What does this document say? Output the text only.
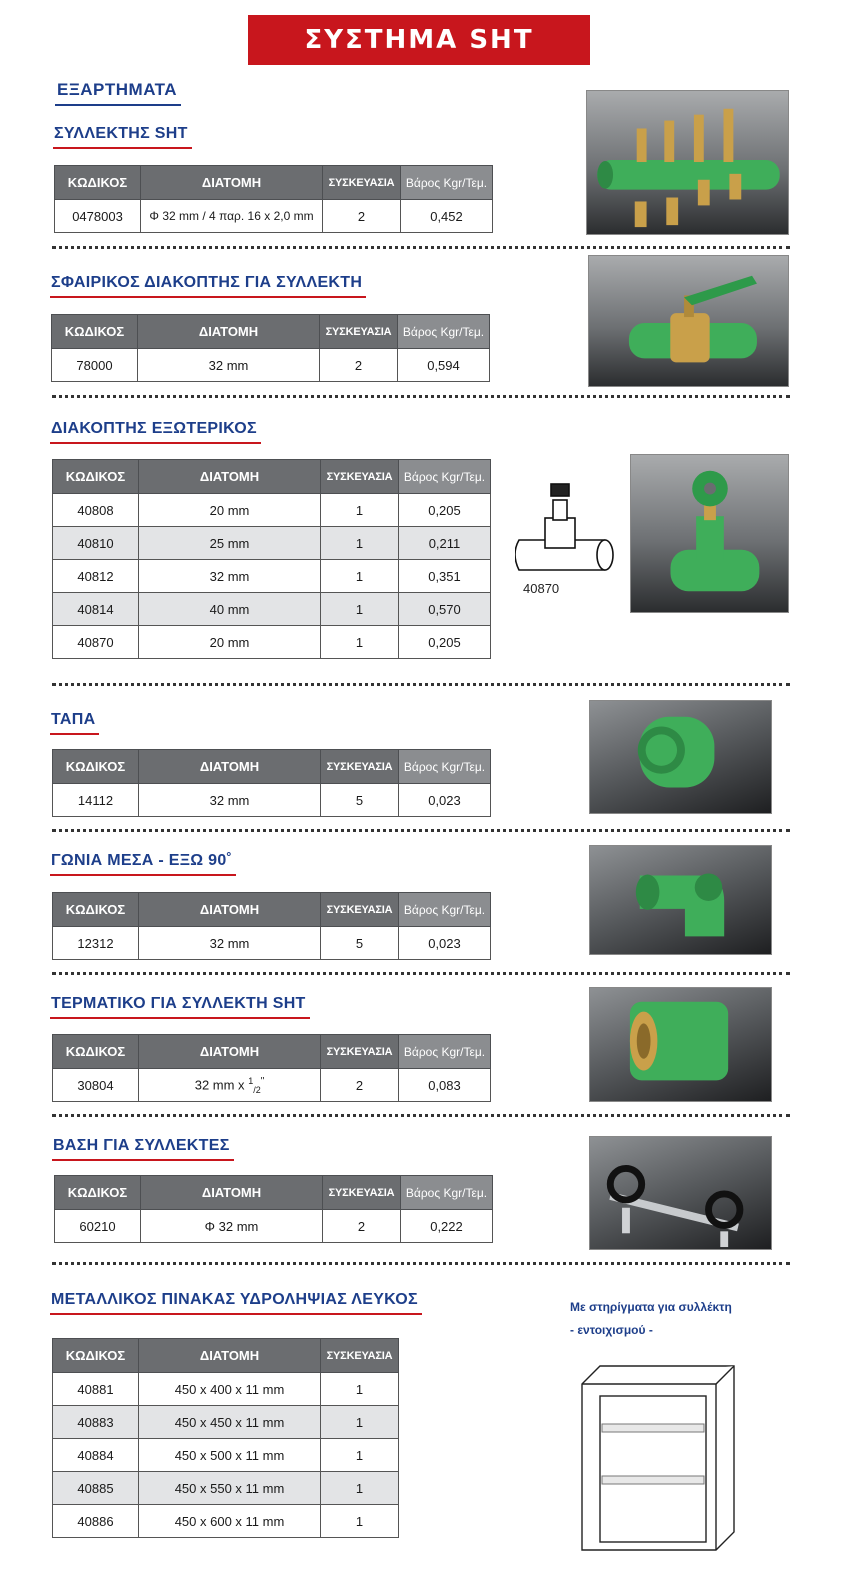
ΣΥΣΤΗΜΑ SHT
ΕΞΑΡΤΗΜΑΤΑ
ΣΥΛΛΕΚΤΗΣ SHT
ΚΩΔΙΚΟΣ	ΔΙΑΤΟΜΗ	ΣΥΣΚΕΥΑΣΙΑ	Βάρος Kgr/Τεμ.
0478003	Φ 32 mm / 4 παρ. 16 x 2,0 mm	2	0,452
ΣΦΑΙΡΙΚΟΣ ΔΙΑΚΟΠΤΗΣ ΓΙΑ ΣΥΛΛΕΚΤΗ
ΚΩΔΙΚΟΣ	ΔΙΑΤΟΜΗ	ΣΥΣΚΕΥΑΣΙΑ	Βάρος Kgr/Τεμ.
78000	32 mm	2	0,594
ΔΙΑΚΟΠΤΗΣ ΕΞΩΤΕΡΙΚΟΣ
ΚΩΔΙΚΟΣ	ΔΙΑΤΟΜΗ	ΣΥΣΚΕΥΑΣΙΑ	Βάρος Kgr/Τεμ.
40808	20 mm	1	0,205
40810	25 mm	1	0,211
40812	32 mm	1	0,351
40814	40 mm	1	0,570
40870	20 mm	1	0,205
40870
ΤΑΠΑ
ΚΩΔΙΚΟΣ	ΔΙΑΤΟΜΗ	ΣΥΣΚΕΥΑΣΙΑ	Βάρος Kgr/Τεμ.
14112	32 mm	5	0,023
ΓΩΝΙΑ ΜΕΣΑ - ΕΞΩ 90˚
ΚΩΔΙΚΟΣ	ΔΙΑΤΟΜΗ	ΣΥΣΚΕΥΑΣΙΑ	Βάρος Kgr/Τεμ.
12312	32 mm	5	0,023
ΤΕΡΜΑΤΙΚΟ ΓΙΑ ΣΥΛΛΕΚΤΗ SHT
ΚΩΔΙΚΟΣ	ΔΙΑΤΟΜΗ	ΣΥΣΚΕΥΑΣΙΑ	Βάρος Kgr/Τεμ.
30804	32 mm x $^1_{/2}$"	2	0,083
ΒΑΣΗ ΓΙΑ ΣΥΛΛΕΚΤΕΣ
ΚΩΔΙΚΟΣ	ΔΙΑΤΟΜΗ	ΣΥΣΚΕΥΑΣΙΑ	Βάρος Kgr/Τεμ.
60210	Φ 32 mm	2	0,222
ΜΕΤΑΛΛΙΚΟΣ ΠΙΝΑΚΑΣ ΥΔΡΟΛΗΨΙΑΣ ΛΕΥΚΟΣ
ΚΩΔΙΚΟΣ	ΔΙΑΤΟΜΗ	ΣΥΣΚΕΥΑΣΙΑ
40881	450 x 400 x 11 mm	1
40883	450 x 450 x 11 mm	1
40884	450 x 500 x 11 mm	1
40885	450 x 550 x 11 mm	1
40886	450 x 600 x 11 mm	1
Με στηρίγματα για συλλέκτη
- εντοιχισμού -
